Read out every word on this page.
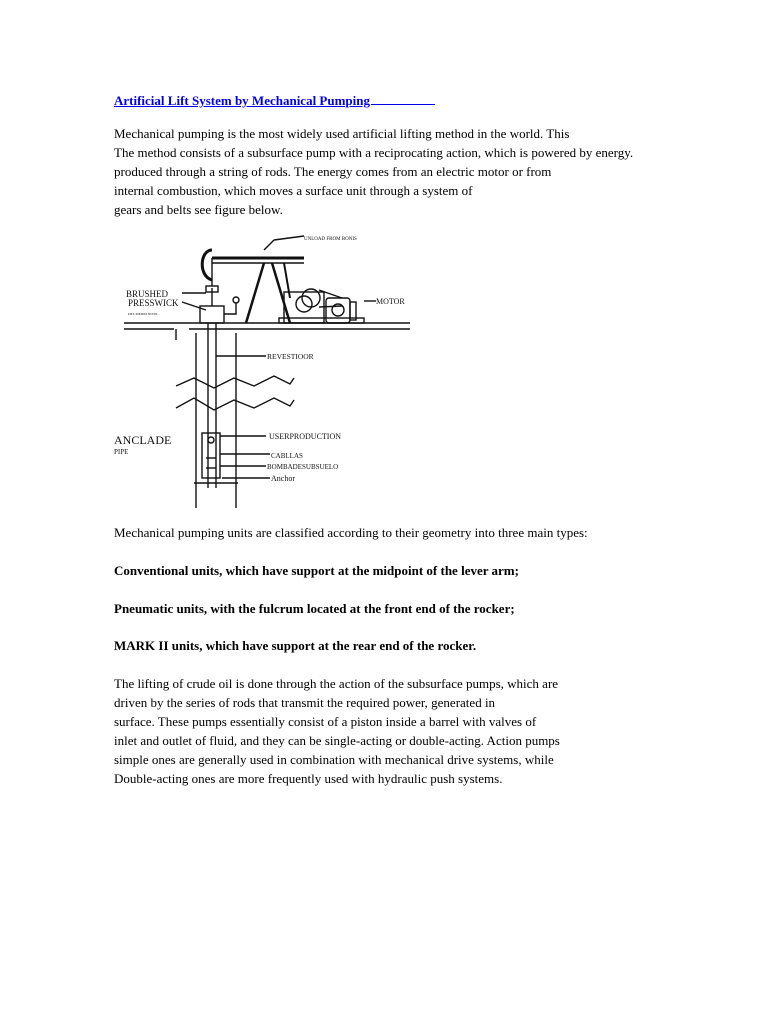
Artificial Lift System by Mechanical Pumping
Mechanical pumping is the most widely used artificial lifting method in the world. This
The method consists of a subsurface pump with a reciprocating action, which is powered by energy.
produced through a string of rods. The energy comes from an electric motor or from
internal combustion, which moves a surface unit through a system of
gears and belts see figure below.
UNLOAD FROM BONIS
BRUSHED
PRESSWICK
DEL MEDIO NIVEL
MOTOR
REVESTIOOR
ANCLADE
PIPE
USERPRODUCTION
CABLLAS
BOMBADESUBSUELO
Anchor

Mechanical pumping units are classified according to their geometry into three main types:

Conventional units, which have support at the midpoint of the lever arm;

Pneumatic units, with the fulcrum located at the front end of the rocker;

MARK II units, which have support at the rear end of the rocker.

The lifting of crude oil is done through the action of the subsurface pumps, which are
driven by the series of rods that transmit the required power, generated in
surface. These pumps essentially consist of a piston inside a barrel with valves of
inlet and outlet of fluid, and they can be single-acting or double-acting. Action pumps
simple ones are generally used in combination with mechanical drive systems, while
Double-acting ones are more frequently used with hydraulic push systems.
